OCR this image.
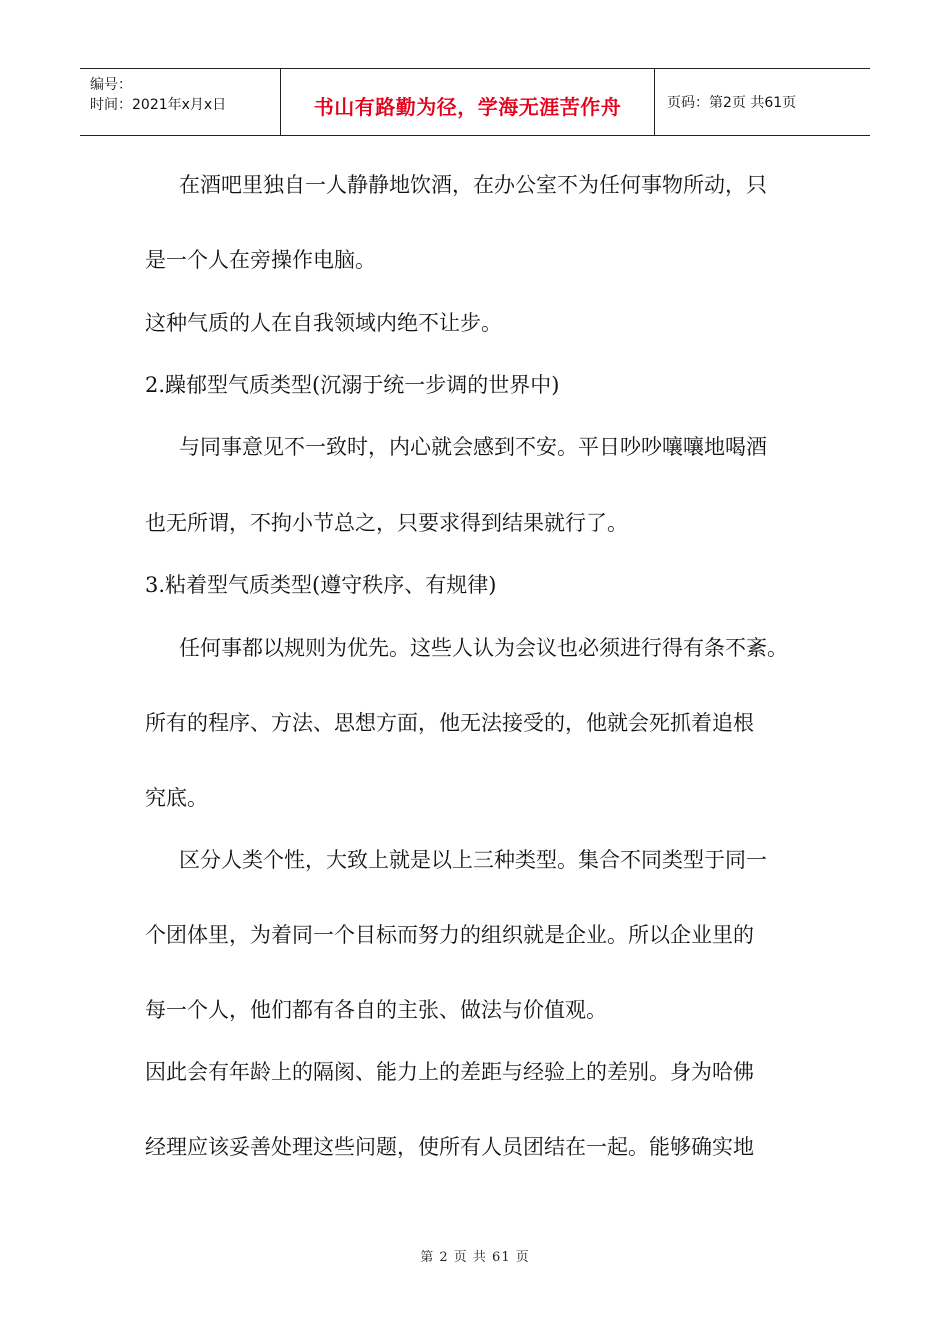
编号：
时间：2021年x月x日	书山有路勤为径，学海无涯苦作舟	页码：第2页 共61页
在酒吧里独自一人静静地饮酒，在办公室不为任何事物所动，只
是一个人在旁操作电脑。
这种气质的人在自我领域内绝不让步。
2.躁郁型气质类型(沉溺于统一步调的世界中)
与同事意见不一致时，内心就会感到不安。平日吵吵嚷嚷地喝酒
也无所谓，不拘小节总之，只要求得到结果就行了。
3.粘着型气质类型(遵守秩序、有规律)
任何事都以规则为优先。这些人认为会议也必须进行得有条不紊。
所有的程序、方法、思想方面，他无法接受的，他就会死抓着追根
究底。
区分人类个性，大致上就是以上三种类型。集合不同类型于同一
个团体里，为着同一个目标而努力的组织就是企业。所以企业里的
每一个人，他们都有各自的主张、做法与价值观。
因此会有年龄上的隔阂、能力上的差距与经验上的差别。身为哈佛
经理应该妥善处理这些问题，使所有人员团结在一起。能够确实地
第 2 页 共 61 页
